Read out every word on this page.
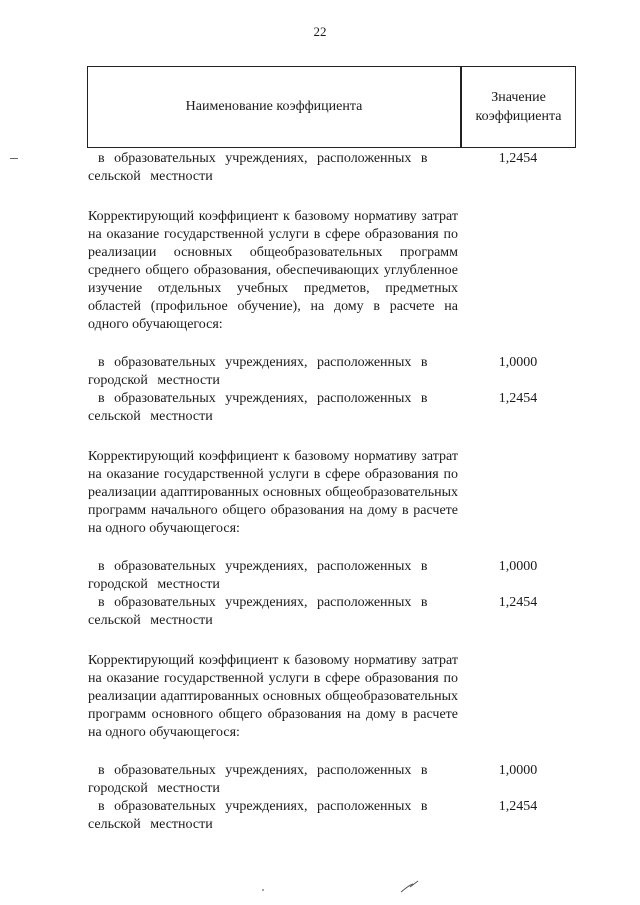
22
Наименование коэффициента
Значение
коэффициента
в образовательных учреждениях, расположенных в сельской местности
1,2454
Корректирующий коэффициент к базовому нормативу затрат на оказание государственной услуги в сфере образования по реализации основных общеобразовательных программ среднего общего образования, обеспечивающих углубленное изучение отдельных учебных предметов, предметных областей (профильное обучение), на дому в расчете на одного обучающегося:
в образовательных учреждениях, расположенных в городской местности
1,0000
в образовательных учреждениях, расположенных в сельской местности
1,2454
Корректирующий коэффициент к базовому нормативу затрат на оказание государственной услуги в сфере образования по реализации адаптированных основных общеобразовательных программ начального общего образования на дому в расчете на одного обучающегося:
в образовательных учреждениях, расположенных в городской местности
1,0000
в образовательных учреждениях, расположенных в сельской местности
1,2454
Корректирующий коэффициент к базовому нормативу затрат на оказание государственной услуги в сфере образования по реализации адаптированных основных общеобразовательных программ основного общего образования на дому в расчете на одного обучающегося:
в образовательных учреждениях, расположенных в городской местности
1,0000
в образовательных учреждениях, расположенных в сельской местности
1,2454
